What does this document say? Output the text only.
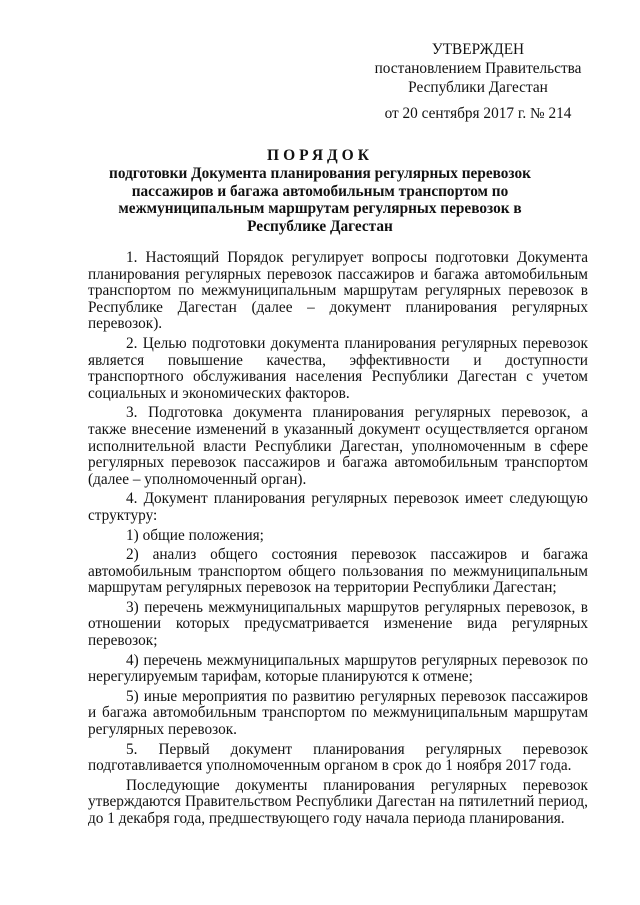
УТВЕРЖДЕН
постановлением Правительства
Республики Дагестан
от 20 сентября 2017 г. № 214
ПОРЯДОК
подготовки Документа планирования регулярных перевозок пассажиров и багажа автомобильным транспортом по межмуниципальным маршрутам регулярных перевозок в Республике Дагестан

1. Настоящий Порядок регулирует вопросы подготовки Документа планирования регулярных перевозок пассажиров и багажа автомобильным транспортом по межмуниципальным маршрутам регулярных перевозок в Республике Дагестан (далее – документ планирования регулярных перевозок).

2. Целью подготовки документа планирования регулярных перевозок является повышение качества, эффективности и доступности транспортного обслуживания населения Республики Дагестан с учетом социальных и экономических факторов.

3. Подготовка документа планирования регулярных перевозок, а также внесение изменений в указанный документ осуществляется органом исполнительной власти Республики Дагестан, уполномоченным в сфере регулярных перевозок пассажиров и багажа автомобильным транспортом (далее – уполномоченный орган).

4. Документ планирования регулярных перевозок имеет следующую структуру:

1) общие положения;

2) анализ общего состояния перевозок пассажиров и багажа автомобильным транспортом общего пользования по межмуниципальным маршрутам регулярных перевозок на территории Республики Дагестан;

3) перечень межмуниципальных маршрутов регулярных перевозок, в отношении которых предусматривается изменение вида регулярных перевозок;

4) перечень межмуниципальных маршрутов регулярных перевозок по нерегулируемым тарифам, которые планируются к отмене;

5) иные мероприятия по развитию регулярных перевозок пассажиров и багажа автомобильным транспортом по межмуниципальным маршрутам регулярных перевозок.

5. Первый документ планирования регулярных перевозок подготавливается уполномоченным органом в срок до 1 ноября 2017 года.

Последующие документы планирования регулярных перевозок утверждаются Правительством Республики Дагестан на пятилетний период, до 1 декабря года, предшествующего году начала периода планирования.
